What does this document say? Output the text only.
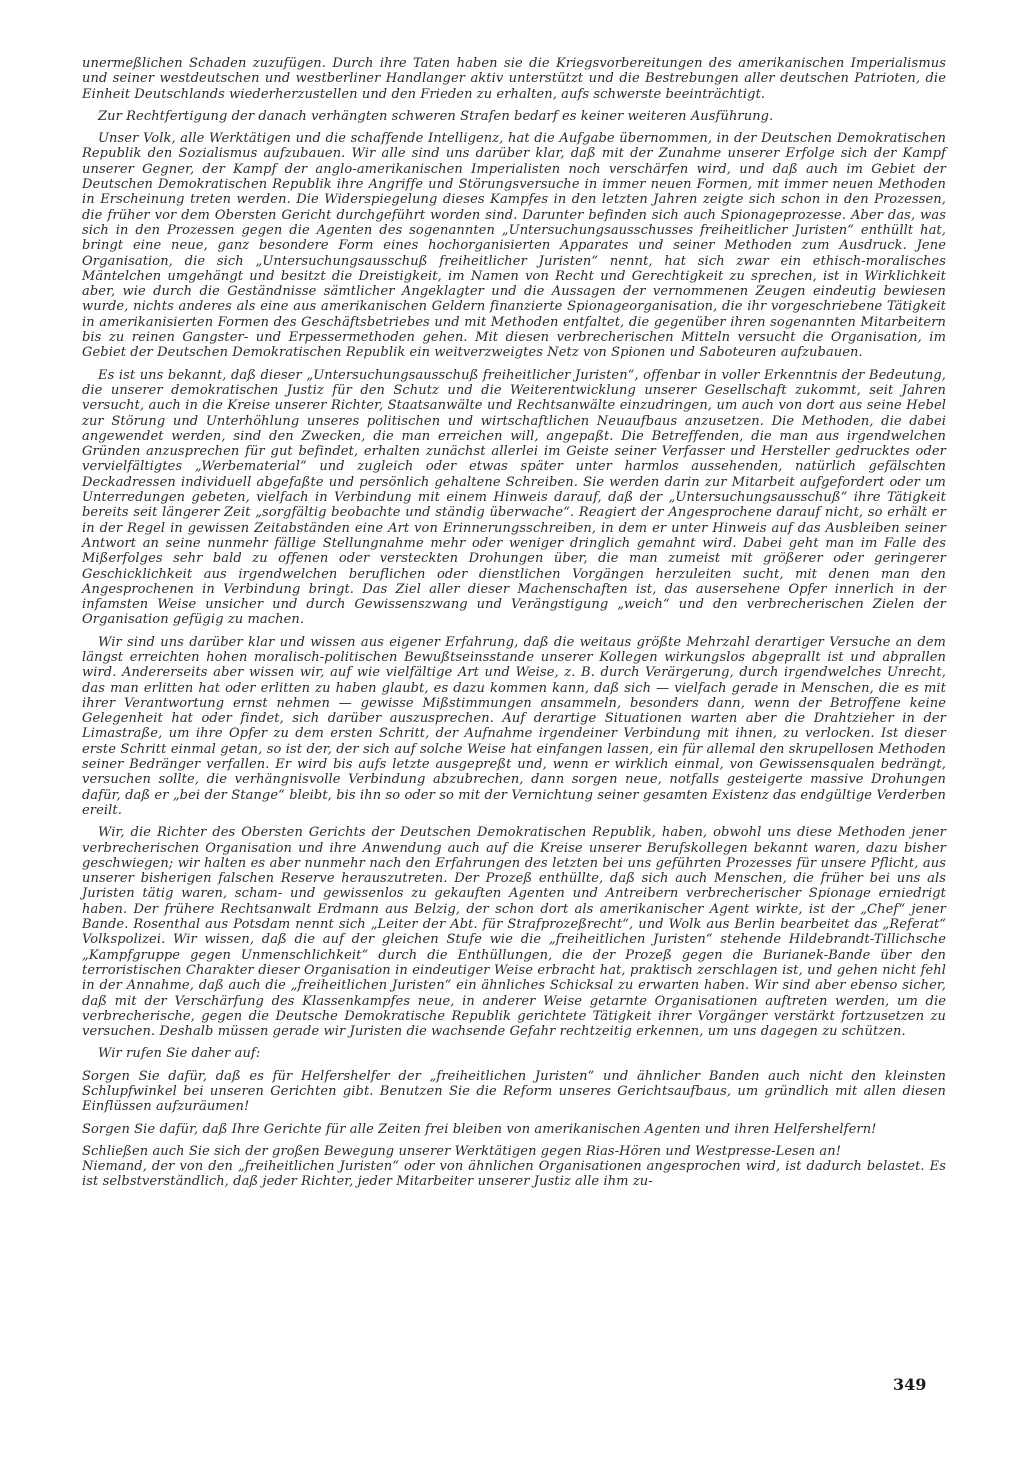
unermeßlichen Schaden zuzufügen. Durch ihre Taten haben sie die Kriegsvorbereitungen des amerikanischen Imperialismus und seiner westdeutschen und westberliner Handlanger aktiv unterstützt und die Bestrebungen aller deutschen Patrioten, die Einheit Deutschlands wiederherzustellen und den Frieden zu erhalten, aufs schwerste beeinträchtigt.

Zur Rechtfertigung der danach verhängten schweren Strafen bedarf es keiner weiteren Ausführung.

Unser Volk, alle Werktätigen und die schaffende Intelligenz, hat die Aufgabe übernommen, in der Deutschen Demokratischen Republik den Sozialismus aufzubauen. Wir alle sind uns darüber klar, daß mit der Zunahme unserer Erfolge sich der Kampf unserer Gegner, der Kampf der anglo-amerikanischen Imperialisten noch verschärfen wird, und daß auch im Gebiet der Deutschen Demokratischen Republik ihre Angriffe und Störungsversuche in immer neuen Formen, mit immer neuen Methoden in Erscheinung treten werden. Die Widerspiegelung dieses Kampfes in den letzten Jahren zeigte sich schon in den Prozessen, die früher vor dem Obersten Gericht durchgeführt worden sind. Darunter befinden sich auch Spionageprozesse. Aber das, was sich in den Prozessen gegen die Agenten des sogenannten „Untersuchungsausschusses freiheitlicher Juristen“ enthüllt hat, bringt eine neue, ganz besondere Form eines hochorganisierten Apparates und seiner Methoden zum Ausdruck. Jene Organisation, die sich „Untersuchungsausschuß freiheitlicher Juristen“ nennt, hat sich zwar ein ethisch-moralisches Mäntelchen umgehängt und besitzt die Dreistigkeit, im Namen von Recht und Gerechtigkeit zu sprechen, ist in Wirklichkeit aber, wie durch die Geständnisse sämtlicher Angeklagter und die Aussagen der vernommenen Zeugen eindeutig bewiesen wurde, nichts anderes als eine aus amerikanischen Geldern finanzierte Spionageorganisation, die ihr vorgeschriebene Tätigkeit in amerikanisierten Formen des Geschäftsbetriebes und mit Methoden entfaltet, die gegenüber ihren sogenannten Mitarbeitern bis zu reinen Gangster- und Erpessermethoden gehen. Mit diesen verbrecherischen Mitteln versucht die Organisation, im Gebiet der Deutschen Demokratischen Republik ein weitverzweigtes Netz von Spionen und Saboteuren aufzubauen.

Es ist uns bekannt, daß dieser „Untersuchungsausschuß freiheitlicher Juristen“, offenbar in voller Erkenntnis der Bedeutung, die unserer demokratischen Justiz für den Schutz und die Weiterentwicklung unserer Gesellschaft zukommt, seit Jahren versucht, auch in die Kreise unserer Richter, Staatsanwälte und Rechtsanwälte einzudringen, um auch von dort aus seine Hebel zur Störung und Unterhöhlung unseres politischen und wirtschaftlichen Neuaufbaus anzusetzen. Die Methoden, die dabei angewendet werden, sind den Zwecken, die man erreichen will, angepaßt. Die Betreffenden, die man aus irgendwelchen Gründen anzusprechen für gut befindet, erhalten zunächst allerlei im Geiste seiner Verfasser und Hersteller gedrucktes oder vervielfältigtes „Werbematerial“ und zugleich oder etwas später unter harmlos aussehenden, natürlich gefälschten Deckadressen individuell abgefaßte und persönlich gehaltene Schreiben. Sie werden darin zur Mitarbeit aufgefordert oder um Unterredungen gebeten, vielfach in Verbindung mit einem Hinweis darauf, daß der „Untersuchungsausschuß“ ihre Tätigkeit bereits seit längerer Zeit „sorgfältig beobachte und ständig überwache“. Reagiert der Angesprochene darauf nicht, so erhält er in der Regel in gewissen Zeitabständen eine Art von Erinnerungsschreiben, in dem er unter Hinweis auf das Ausbleiben seiner Antwort an seine nunmehr fällige Stellungnahme mehr oder weniger dringlich gemahnt wird. Dabei geht man im Falle des Mißerfolges sehr bald zu offenen oder versteckten Drohungen über, die man zumeist mit größerer oder geringerer Geschicklichkeit aus irgendwelchen beruflichen oder dienstlichen Vorgängen herzuleiten sucht, mit denen man den Angesprochenen in Verbindung bringt. Das Ziel aller dieser Machenschaften ist, das ausersehene Opfer innerlich in der infamsten Weise unsicher und durch Gewissenszwang und Verängstigung „weich“ und den verbrecherischen Zielen der Organisation gefügig zu machen.

Wir sind uns darüber klar und wissen aus eigener Erfahrung, daß die weitaus größte Mehrzahl derartiger Versuche an dem längst erreichten hohen moralisch-politischen Bewußtseinsstande unserer Kollegen wirkungslos abgeprallt ist und abprallen wird. Andererseits aber wissen wir, auf wie vielfältige Art und Weise, z. B. durch Verärgerung, durch irgendwelches Unrecht, das man erlitten hat oder erlitten zu haben glaubt, es dazu kommen kann, daß sich — vielfach gerade in Menschen, die es mit ihrer Verantwortung ernst nehmen — gewisse Mißstimmungen ansammeln, besonders dann, wenn der Betroffene keine Gelegenheit hat oder findet, sich darüber auszusprechen. Auf derartige Situationen warten aber die Drahtzieher in der Limastraße, um ihre Opfer zu dem ersten Schritt, der Aufnahme irgendeiner Verbindung mit ihnen, zu verlocken. Ist dieser erste Schritt einmal getan, so ist der, der sich auf solche Weise hat einfangen lassen, ein für allemal den skrupellosen Methoden seiner Bedränger verfallen. Er wird bis aufs letzte ausgepreßt und, wenn er wirklich einmal, von Gewissensqualen bedrängt, versuchen sollte, die verhängnisvolle Verbindung abzubrechen, dann sorgen neue, notfalls gesteigerte massive Drohungen dafür, daß er „bei der Stange“ bleibt, bis ihn so oder so mit der Vernichtung seiner gesamten Existenz das endgültige Verderben ereilt.

Wir, die Richter des Obersten Gerichts der Deutschen Demokratischen Republik, haben, obwohl uns diese Methoden jener verbrecherischen Organisation und ihre Anwendung auch auf die Kreise unserer Berufskollegen bekannt waren, dazu bisher geschwiegen; wir halten es aber nunmehr nach den Erfahrungen des letzten bei uns geführten Prozesses für unsere Pflicht, aus unserer bisherigen falschen Reserve herauszutreten. Der Prozeß enthüllte, daß sich auch Menschen, die früher bei uns als Juristen tätig waren, scham- und gewissenlos zu gekauften Agenten und Antreibern verbrecherischer Spionage erniedrigt haben. Der frühere Rechtsanwalt Erdmann aus Belzig, der schon dort als amerikanischer Agent wirkte, ist der „Chef“ jener Bande. Rosenthal aus Potsdam nennt sich „Leiter der Abt. für Strafprozeßrecht“, und Wolk aus Berlin bearbeitet das „Referat“ Volkspolizei. Wir wissen, daß die auf der gleichen Stufe wie die „freiheitlichen Juristen“ stehende Hildebrandt-Tillichsche „Kampfgruppe gegen Unmenschlichkeit“ durch die Enthüllungen, die der Prozeß gegen die Burianek-Bande über den terroristischen Charakter dieser Organisation in eindeutiger Weise erbracht hat, praktisch zerschlagen ist, und gehen nicht fehl in der Annahme, daß auch die „freiheitlichen Juristen“ ein ähnliches Schicksal zu erwarten haben. Wir sind aber ebenso sicher, daß mit der Verschärfung des Klassenkampfes neue, in anderer Weise getarnte Organisationen auftreten werden, um die verbrecherische, gegen die Deutsche Demokratische Republik gerichtete Tätigkeit ihrer Vorgänger verstärkt fortzusetzen zu versuchen. Deshalb müssen gerade wir Juristen die wachsende Gefahr rechtzeitig erkennen, um uns dagegen zu schützen.

Wir rufen Sie daher auf:

Sorgen Sie dafür, daß es für Helfershelfer der „freiheitlichen Juristen“ und ähnlicher Banden auch nicht den kleinsten Schlupfwinkel bei unseren Gerichten gibt. Benutzen Sie die Reform unseres Gerichtsaufbaus, um gründlich mit allen diesen Einflüssen aufzuräumen!

Sorgen Sie dafür, daß Ihre Gerichte für alle Zeiten frei bleiben von amerikanischen Agenten und ihren Helfershelfern!

Schließen auch Sie sich der großen Bewegung unserer Werktätigen gegen Rias-Hören und Westpresse-Lesen an!

Niemand, der von den „freiheitlichen Juristen“ oder von ähnlichen Organisationen angesprochen wird, ist dadurch belastet. Es ist selbstverständlich, daß jeder Richter, jeder Mitarbeiter unserer Justiz alle ihm zu-

349
